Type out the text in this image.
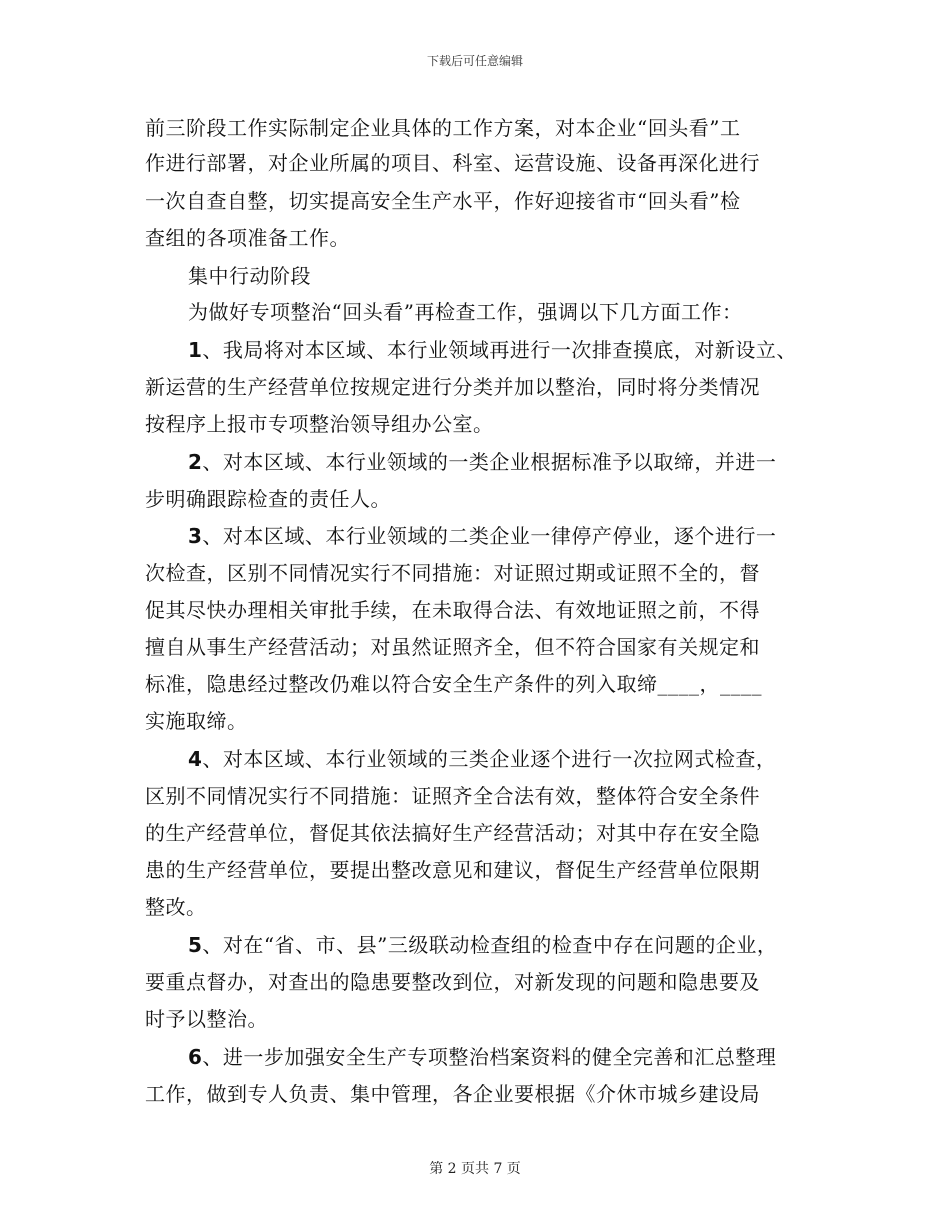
下载后可任意编辑
前三阶段工作实际制定企业具体的工作方案，对本企业“回头看”工
作进行部署，对企业所属的项目、科室、运营设施、设备再深化进行
一次自查自整，切实提高安全生产水平，作好迎接省市“回头看”检
查组的各项准备工作。
集中行动阶段
为做好专项整治“回头看”再检查工作，强调以下几方面工作：
1、我局将对本区域、本行业领域再进行一次排查摸底，对新设立、
新运营的生产经营单位按规定进行分类并加以整治，同时将分类情况
按程序上报市专项整治领导组办公室。
2、对本区域、本行业领域的一类企业根据标准予以取缔，并进一
步明确跟踪检查的责任人。
3、对本区域、本行业领域的二类企业一律停产停业，逐个进行一
次检查，区别不同情况实行不同措施：对证照过期或证照不全的，督
促其尽快办理相关审批手续，在未取得合法、有效地证照之前，不得
擅自从事生产经营活动；对虽然证照齐全，但不符合国家有关规定和
标准，隐患经过整改仍难以符合安全生产条件的列入取缔____，____
实施取缔。
4、对本区域、本行业领域的三类企业逐个进行一次拉网式检查，
区别不同情况实行不同措施：证照齐全合法有效，整体符合安全条件
的生产经营单位，督促其依法搞好生产经营活动；对其中存在安全隐
患的生产经营单位，要提出整改意见和建议，督促生产经营单位限期
整改。
5、对在“省、市、县”三级联动检查组的检查中存在问题的企业，
要重点督办，对查出的隐患要整改到位，对新发现的问题和隐患要及
时予以整治。
6、进一步加强安全生产专项整治档案资料的健全完善和汇总整理
工作，做到专人负责、集中管理，各企业要根据《介休市城乡建设局
第 2 页共 7 页
